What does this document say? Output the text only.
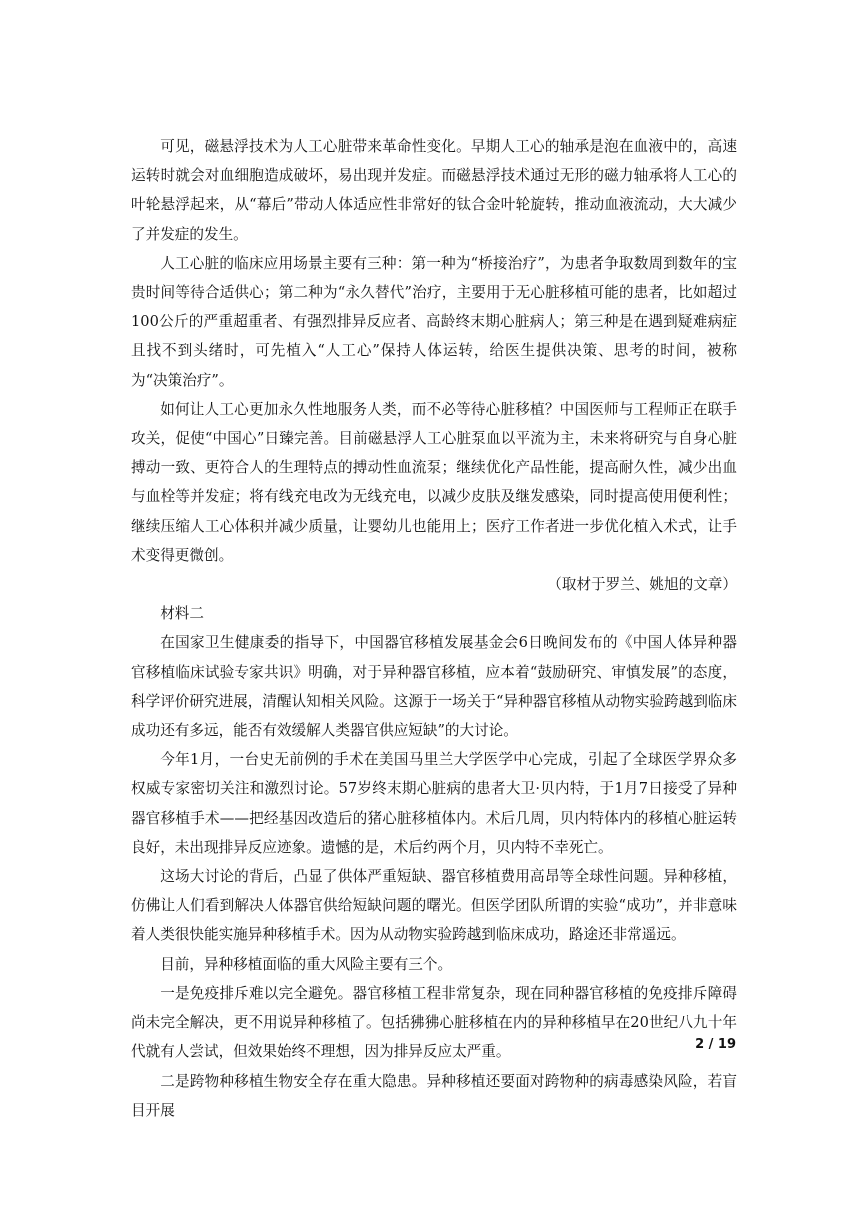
可见，磁悬浮技术为人工心脏带来革命性变化。早期人工心的轴承是泡在血液中的，高速运转时就会对血细胞造成破坏，易出现并发症。而磁悬浮技术通过无形的磁力轴承将人工心的叶轮悬浮起来，从“幕后”带动人体适应性非常好的钛合金叶轮旋转，推动血液流动，大大减少了并发症的发生。

人工心脏的临床应用场景主要有三种：第一种为“桥接治疗”，为患者争取数周到数年的宝贵时间等待合适供心；第二种为“永久替代”治疗，主要用于无心脏移植可能的患者，比如超过100公斤的严重超重者、有强烈排异反应者、高龄终末期心脏病人；第三种是在遇到疑难病症且找不到头绪时，可先植入“人工心”保持人体运转，给医生提供决策、思考的时间，被称为“决策治疗”。

如何让人工心更加永久性地服务人类，而不必等待心脏移植？中国医师与工程师正在联手攻关，促使“中国心”日臻完善。目前磁悬浮人工心脏泵血以平流为主，未来将研究与自身心脏搏动一致、更符合人的生理特点的搏动性血流泵；继续优化产品性能，提高耐久性，减少出血与血栓等并发症；将有线充电改为无线充电，以减少皮肤及继发感染，同时提高使用便利性；继续压缩人工心体积并减少质量，让婴幼儿也能用上；医疗工作者进一步优化植入术式，让手术变得更微创。

（取材于罗兰、姚旭的文章）

材料二

在国家卫生健康委的指导下，中国器官移植发展基金会6日晚间发布的《中国人体异种器官移植临床试验专家共识》明确，对于异种器官移植，应本着“鼓励研究、审慎发展”的态度，科学评价研究进展，清醒认知相关风险。这源于一场关于“异种器官移植从动物实验跨越到临床成功还有多远，能否有效缓解人类器官供应短缺”的大讨论。

今年1月，一台史无前例的手术在美国马里兰大学医学中心完成，引起了全球医学界众多权威专家密切关注和激烈讨论。57岁终末期心脏病的患者大卫·贝内特，于1月7日接受了异种器官移植手术——把经基因改造后的猪心脏移植体内。术后几周，贝内特体内的移植心脏运转良好，未出现排异反应迹象。遗憾的是，术后约两个月，贝内特不幸死亡。

这场大讨论的背后，凸显了供体严重短缺、器官移植费用高昂等全球性问题。异种移植，仿佛让人们看到解决人体器官供给短缺问题的曙光。但医学团队所谓的实验“成功”，并非意味着人类很快能实施异种移植手术。因为从动物实验跨越到临床成功，路途还非常遥远。

目前，异种移植面临的重大风险主要有三个。

一是免疫排斥难以完全避免。器官移植工程非常复杂，现在同种器官移植的免疫排斥障碍尚未完全解决，更不用说异种移植了。包括狒狒心脏移植在内的异种移植早在20世纪八九十年代就有人尝试，但效果始终不理想，因为排异反应太严重。

二是跨物种移植生物安全存在重大隐患。异种移植还要面对跨物种的病毒感染风险，若盲目开展

2 / 19
